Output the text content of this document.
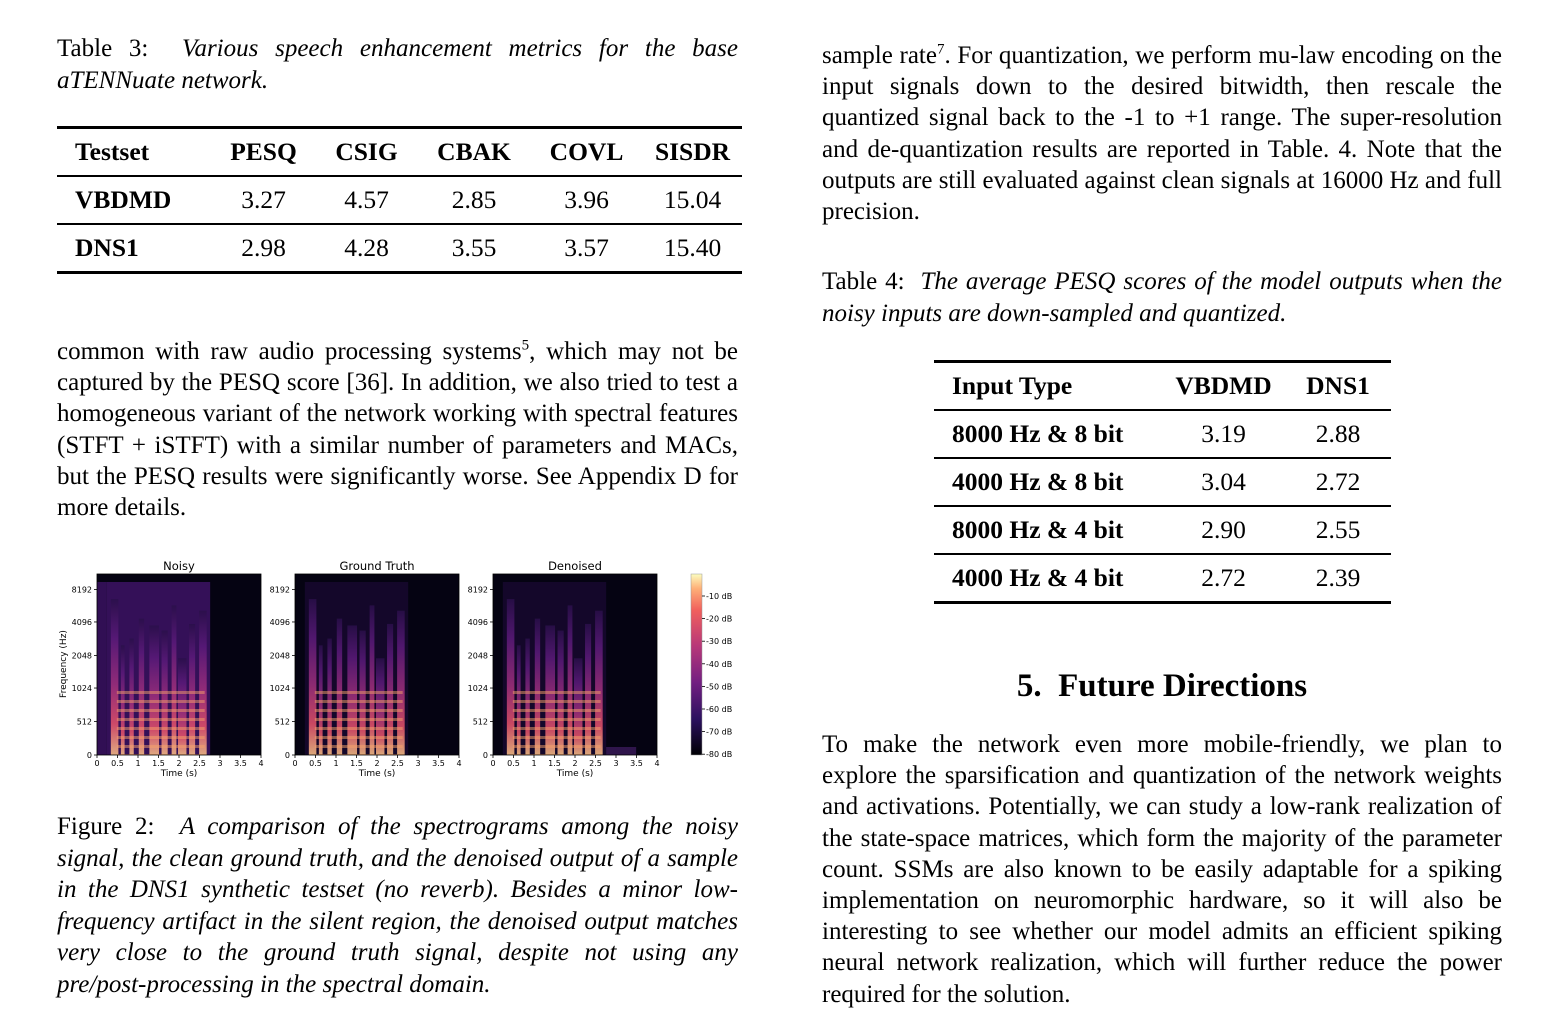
Table 3: Various speech enhancement metrics for the base aTENNuate network.
Testset	PESQ	CSIG	CBAK	COVL	SISDR
VBDMD	3.27	4.57	2.85	3.96	15.04
DNS1	2.98	4.28	3.55	3.57	15.40

common with raw audio processing systems$^5$, which may not be captured by the PESQ score [36]. In addition, we also tried to test a homogeneous variant of the network working with spectral features (STFT + iSTFT) with a similar number of parameters and MACs, but the PESQ results were significantly worse. See Appendix D for more details.

Noisy
8192
4096
2048
1024
512
0
0 0.5 1 1.5 2 2.5 3 3.5 4
Time (s)
Ground Truth
8192
4096
2048
1024
512
0
0 0.5 1 1.5 2 2.5 3 3.5 4
Time (s)
Denoised
8192
4096
2048
1024
512
0
0 0.5 1 1.5 2 2.5 3 3.5 4
Time (s)
-10 dB
-20 dB
-30 dB
-40 dB
-50 dB
-60 dB
-70 dB
-80 dB
Frequency (Hz)
Figure 2: A comparison of the spectrograms among the noisy signal, the clean ground truth, and the denoised output of a sample in the DNS1 synthetic testset (no reverb). Besides a minor low-frequency artifact in the silent region, the denoised output matches very close to the ground truth signal, despite not using any pre/post-processing in the spectral domain.

sample rate$^7$. For quantization, we perform mu-law encoding on the input signals down to the desired bitwidth, then rescale the quantized signal back to the -1 to +1 range. The super-resolution and de-quantization results are reported in Table. 4. Note that the outputs are still evaluated against clean signals at 16000 Hz and full precision.

Table 4: The average PESQ scores of the model outputs when the noisy inputs are down-sampled and quantized.
Input Type	VBDMD	DNS1
8000 Hz & 8 bit	3.19	2.88
4000 Hz & 8 bit	3.04	2.72
8000 Hz & 4 bit	2.90	2.55
4000 Hz & 4 bit	2.72	2.39
5. Future Directions

To make the network even more mobile-friendly, we plan to explore the sparsification and quantization of the network weights and activations. Potentially, we can study a low-rank realization of the state-space matrices, which form the majority of the parameter count. SSMs are also known to be easily adaptable for a spiking implementation on neuromorphic hardware, so it will also be interesting to see whether our model admits an efficient spiking neural network realization, which will further reduce the power required for the solution.
